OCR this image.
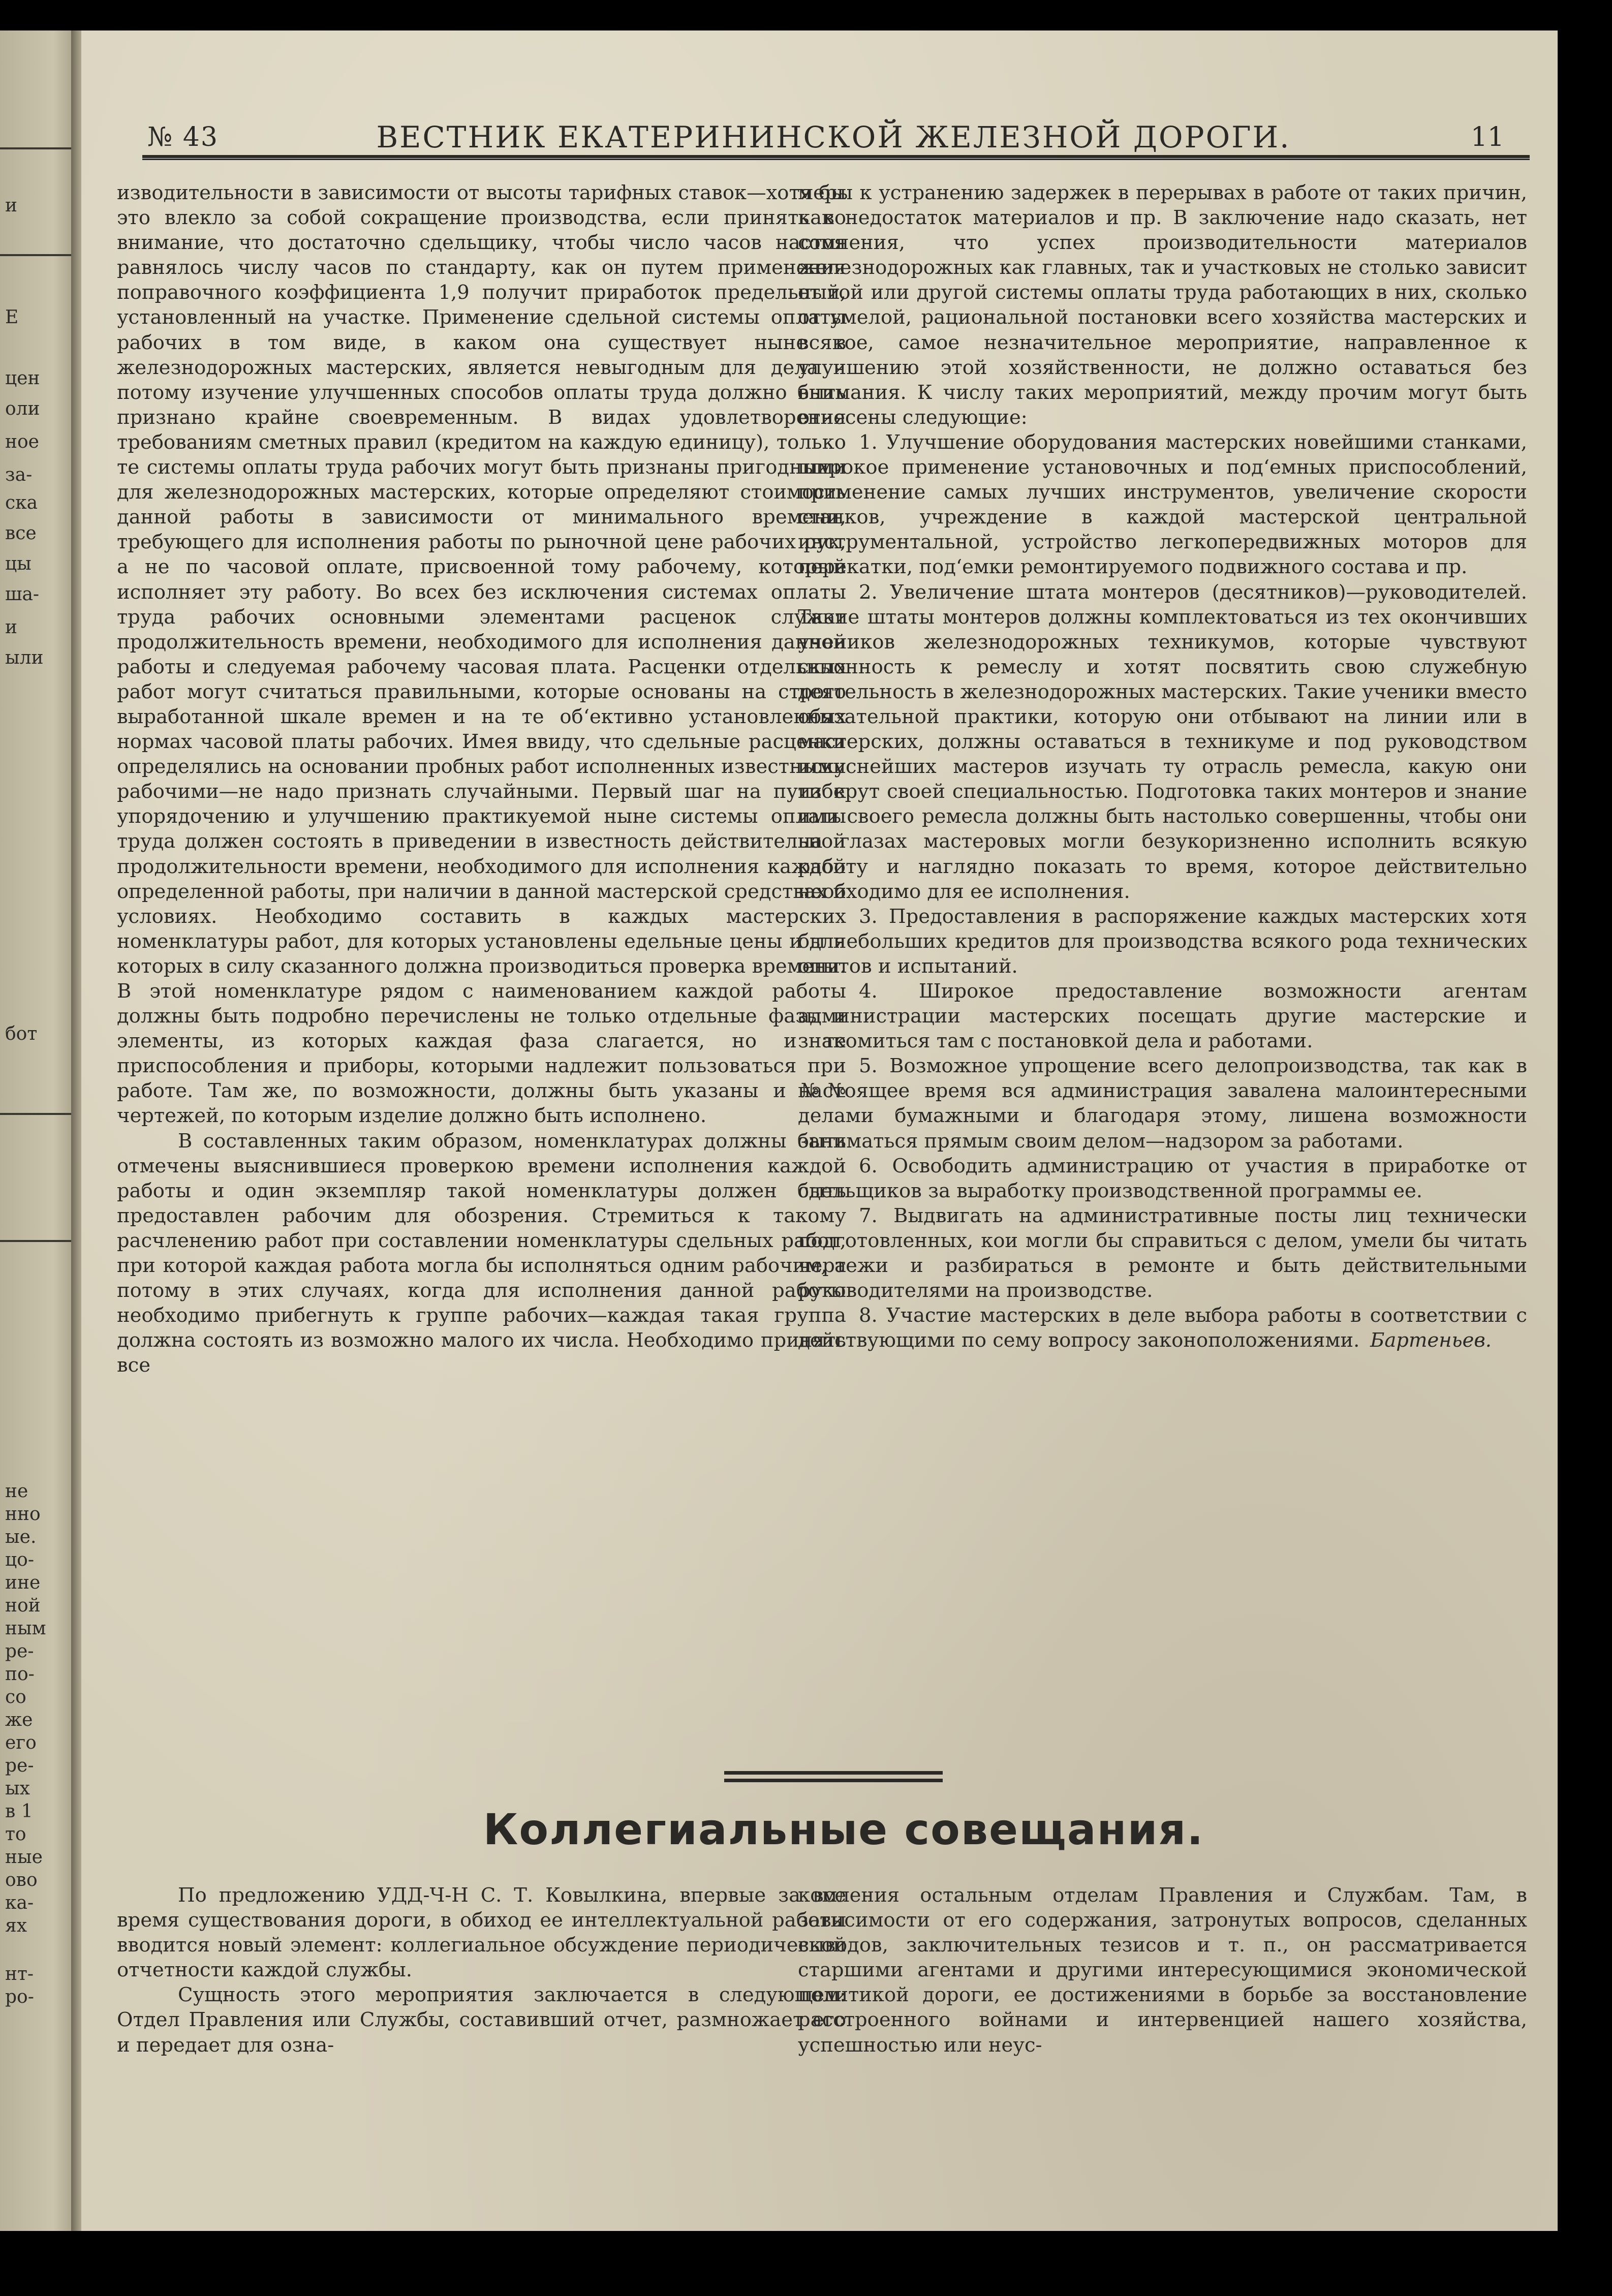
и
E
цен
оли
ное
за-
ска
все
цы
ша-
и
ыли
бот
не
нно
ые.
цо-
ине
ной
ным
ре-
по-
со
же
его
ре-
ых
в 1
то
ные
ово
ка-
ях
нт-
ро-
№ 43	ВЕСТНИК ЕКАТЕРИНИНСКОЙ ЖЕЛЕЗНОЙ ДОРОГИ.	11

изводительности в зависимости от высоты тарифных ставок—хотя бы это влекло за собой сокращение производства, если принять во внимание, что достаточно сдельщику, чтобы число часов настоя равнялось числу часов по стандарту, как он путем применения поправочного коэффициента 1,9 получит приработок предельный, установленный на участке. Применение сдельной системы оплаты рабочих в том виде, в каком она существует ныне в железнодорожных мастерских, является невыгодным для дела и потому изучение улучшенных способов оплаты труда должно быть признано крайне своевременным. В видах удовлетворения требованиям сметных правил (кредитом на каждую единицу), только те системы оплаты труда рабочих могут быть признаны пригодными для железнодорожных мастерских, которые определяют стоимость данной работы в зависимости от минимального времени, требующего для исполнения работы по рыночной цене рабочих рук, а не по часовой оплате, присвоенной тому рабочему, который исполняет эту работу. Во всех без исключения системах оплаты труда рабочих основными элементами расценок служат продолжительность времени, необходимого для исполнения данной работы и следуемая рабочему часовая плата. Расценки отдельных работ могут считаться правильными, которые основаны на строго выработанной шкале времен и на те об‘ективно установленных нормах часовой платы рабочих. Имея ввиду, что сдельные расценки определялись на основании пробных работ исполненных известными рабочими—не надо признать случайными. Первый шаг на пути к упорядочению и улучшению практикуемой ныне системы оплаты труда должен состоять в приведении в известность действительной продолжительности времени, необходимого для исполнения каждой определенной работы, при наличии в данной мастерской средствах и условиях. Необходимо составить в каждых мастерских номенклатуры работ, для которых установлены едельные цены и для которых в силу сказанного должна производиться проверка времени. В этой номенклатуре рядом с наименованием каждой работы должны быть подробно перечислены не только отдельные фазы и элементы, из которых каждая фаза слагается, но и те приспособления и приборы, которыми надлежит пользоваться при работе. Там же, по возможности, должны быть указаны и №№ чертежей, по которым изделие должно быть исполнено.

В составленных таким образом, номенклатурах должны быть отмечены выяснившиеся проверкою времени исполнения каждой работы и один экземпляр такой номенклатуры должен быть предоставлен рабочим для обозрения. Стремиться к такому расчленению работ при составлении номенклатуры сдельных работ, при которой каждая работа могла бы исполняться одним рабочим, а потому в этих случаях, когда для исполнения данной работы необходимо прибегнуть к группе рабочих—каждая такая группа должна состоять из возможно малого их числа. Необходимо принять все

меры к устранению задержек в перерывах в работе от таких причин, как недостаток материалов и пр. В заключение надо сказать, нет сомнения, что успех производительности материалов железнодорожных как главных, так и участковых не столько зависит от той или другой системы оплаты труда работающих в них, сколько от умелой, рациональной постановки всего хозяйства мастерских и всякое, самое незначительное мероприятие, направленное к улучшению этой хозяйственности, не должно оставаться без внимания. К числу таких мероприятий, между прочим могут быть отнесены следующие:

1. Улучшение оборудования мастерских новейшими станками, широкое применение установочных и под‘емных приспособлений, применение самых лучших инструментов, увеличение скорости станков, учреждение в каждой мастерской центральной инструментальной, устройство легкопередвижных моторов для перекатки, под‘емки ремонтируемого подвижного состава и пр.

2. Увеличение штата монтеров (десятников)—руководителей. Такие штаты монтеров должны комплектоваться из тех окончивших учеников железнодорожных техникумов, которые чувствуют склонность к ремеслу и хотят посвятить свою служебную деятельность в железнодорожных мастерских. Такие ученики вместо обязательной практики, которую они отбывают на линии или в мастерских, должны оставаться в техникуме и под руководством искуснейших мастеров изучать ту отрасль ремесла, какую они изберут своей специальностью. Подготовка таких монтеров и знание ими своего ремесла должны быть настолько совершенны, чтобы они на глазах мастеровых могли безукоризненно исполнить всякую работу и наглядно показать то время, которое действительно необходимо для ее исполнения.

3. Предоставления в распоряжение каждых мастерских хотя бы небольших кредитов для производства всякого рода технических опытов и испытаний.

4. Широкое предоставление возможности агентам администрации мастерских посещать другие мастерские и знакомиться там с постановкой дела и работами.

5. Возможное упрощение всего делопроизводства, так как в настоящее время вся администрация завалена малоинтересными делами бумажными и благодаря этому, лишена возможности заниматься прямым своим делом—надзором за работами.

6. Освободить администрацию от участия в приработке от сдельщиков за выработку производственной программы ее.

7. Выдвигать на административные посты лиц технически подготовленных, кои могли бы справиться с делом, умели бы читать чертежи и разбираться в ремонте и быть действительными руководителями на производстве.

8. Участие мастерских в деле выбора работы в соответствии с действующими по сему вопросу законоположениями. Бартеньев.

Коллегиальные совещания.

По предложению УДД-Ч-Н С. Т. Ковылкина, впервые за все время существования дороги, в обиход ее интеллектуальной работы вводится новый элемент: коллегиальное обсуждение периодической отчетности каждой службы.

Сущность этого мероприятия заключается в следующем: Отдел Правления или Службы, составивший отчет, размножает его и передает для озна-

комления остальным отделам Правления и Службам. Там, в зависимости от его содержания, затронутых вопросов, сделанных выводов, заключительных тезисов и т. п., он рассматривается старшими агентами и другими интересующимися экономической политикой дороги, ее достижениями в борьбе за восстановление расстроенного войнами и интервенцией нашего хозяйства, успешностью или неус-
